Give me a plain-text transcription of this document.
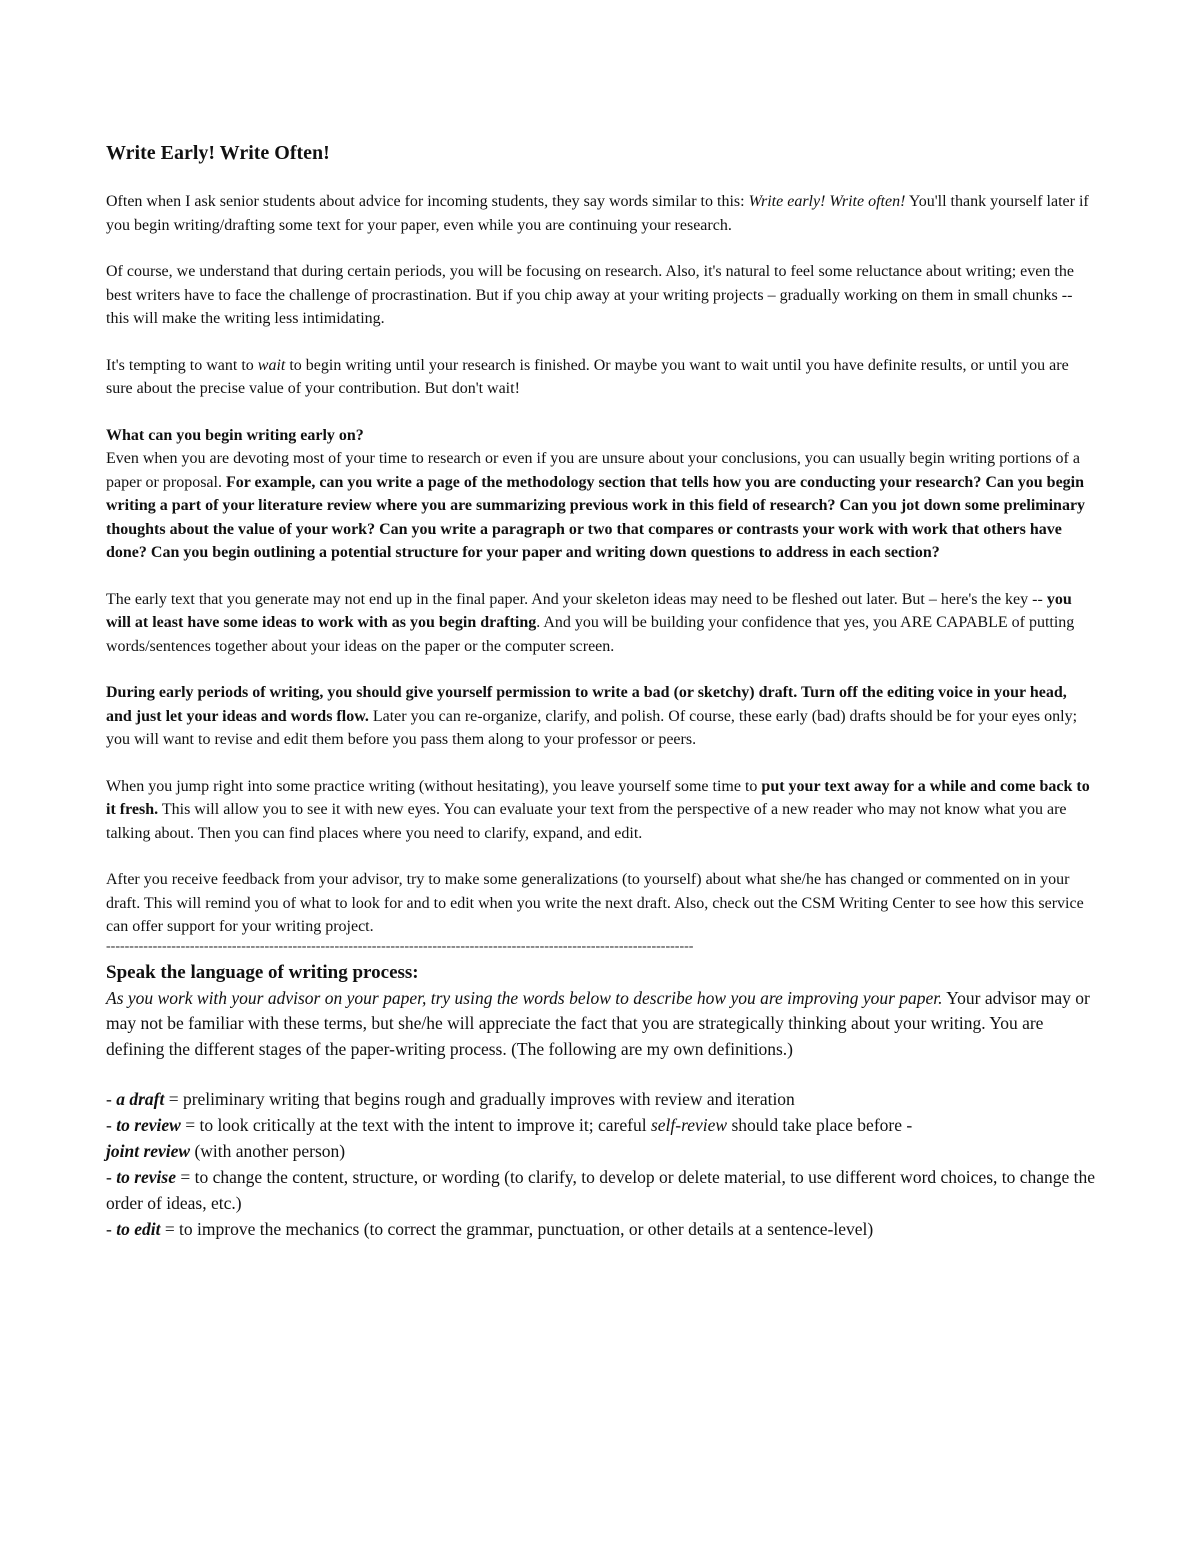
Write Early! Write Often!

Often when I ask senior students about advice for incoming students, they say words similar to this: Write early! Write often! You'll thank yourself later if you begin writing/drafting some text for your paper, even while you are continuing your research.

Of course, we understand that during certain periods, you will be focusing on research. Also, it's natural to feel some reluctance about writing; even the best writers have to face the challenge of procrastination. But if you chip away at your writing projects – gradually working on them in small chunks -- this will make the writing less intimidating.

It's tempting to want to wait to begin writing until your research is finished. Or maybe you want to wait until you have definite results, or until you are sure about the precise value of your contribution. But don't wait!

What can you begin writing early on?
Even when you are devoting most of your time to research or even if you are unsure about your conclusions, you can usually begin writing portions of a paper or proposal. For example, can you write a page of the methodology section that tells how you are conducting your research? Can you begin writing a part of your literature review where you are summarizing previous work in this field of research? Can you jot down some preliminary thoughts about the value of your work? Can you write a paragraph or two that compares or contrasts your work with work that others have done? Can you begin outlining a potential structure for your paper and writing down questions to address in each section?

The early text that you generate may not end up in the final paper. And your skeleton ideas may need to be fleshed out later. But – here's the key -- you will at least have some ideas to work with as you begin drafting. And you will be building your confidence that yes, you ARE CAPABLE of putting words/sentences together about your ideas on the paper or the computer screen.

During early periods of writing, you should give yourself permission to write a bad (or sketchy) draft. Turn off the editing voice in your head, and just let your ideas and words flow. Later you can re-organize, clarify, and polish. Of course, these early (bad) drafts should be for your eyes only; you will want to revise and edit them before you pass them along to your professor or peers.

When you jump right into some practice writing (without hesitating), you leave yourself some time to put your text away for a while and come back to it fresh. This will allow you to see it with new eyes. You can evaluate your text from the perspective of a new reader who may not know what you are talking about. Then you can find places where you need to clarify, expand, and edit.

After you receive feedback from your advisor, try to make some generalizations (to yourself) about what she/he has changed or commented on in your draft. This will remind you of what to look for and to edit when you write the next draft. Also, check out the CSM Writing Center to see how this service can offer support for your writing project.

------------------------------------------------------------------------------------------------------------------------------
Speak the language of writing process:

As you work with your advisor on your paper, try using the words below to describe how you are improving your paper. Your advisor may or may not be familiar with these terms, but she/he will appreciate the fact that you are strategically thinking about your writing. You are defining the different stages of the paper-writing process. (The following are my own definitions.)

- a draft = preliminary writing that begins rough and gradually improves with review and iteration

- to review = to look critically at the text with the intent to improve it; careful self-review should take place before -
joint review (with another person)

- to revise = to change the content, structure, or wording (to clarify, to develop or delete material, to use different word choices, to change the order of ideas, etc.)

- to edit = to improve the mechanics (to correct the grammar, punctuation, or other details at a sentence-level)
